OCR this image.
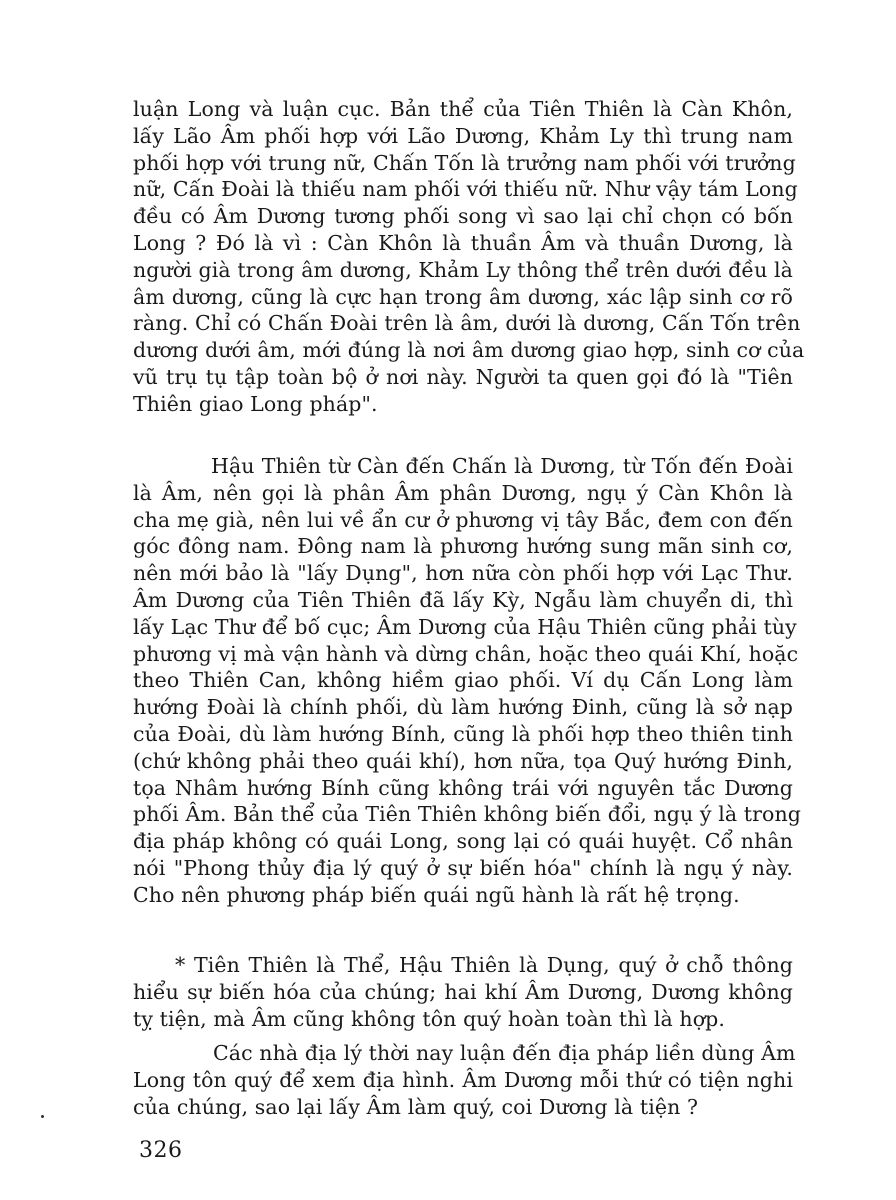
luận Long và luận cục. Bản thể của Tiên Thiên là Càn Khôn,
lấy Lão Âm phối hợp với Lão Dương, Khảm Ly thì trung nam
phối hợp với trung nữ, Chấn Tốn là trưởng nam phối với trưởng
nữ, Cấn Đoài là thiếu nam phối với thiếu nữ. Như vậy tám Long
đều có Âm Dương tương phối song vì sao lại chỉ chọn có bốn
Long ? Đó là vì : Càn Khôn là thuần Âm và thuần Dương, là
người già trong âm dương, Khảm Ly thông thể trên dưới đều là
âm dương, cũng là cực hạn trong âm dương, xác lập sinh cơ rõ
ràng. Chỉ có Chấn Đoài trên là âm, dưới là dương, Cấn Tốn trên
dương dưới âm, mới đúng là nơi âm dương giao hợp, sinh cơ của
vũ trụ tụ tập toàn bộ ở nơi này. Người ta quen gọi đó là "Tiên
Thiên giao Long pháp".
Hậu Thiên từ Càn đến Chấn là Dương, từ Tốn đến Đoài
là Âm, nên gọi là phân Âm phân Dương, ngụ ý Càn Khôn là
cha mẹ già, nên lui về ẩn cư ở phương vị tây Bắc, đem con đến
góc đông nam. Đông nam là phương hướng sung mãn sinh cơ,
nên mới bảo là "lấy Dụng", hơn nữa còn phối hợp với Lạc Thư.
Âm Dương của Tiên Thiên đã lấy Kỳ, Ngẫu làm chuyển di, thì
lấy Lạc Thư để bố cục; Âm Dương của Hậu Thiên cũng phải tùy
phương vị mà vận hành và dừng chân, hoặc theo quái Khí, hoặc
theo Thiên Can, không hiềm giao phối. Ví dụ Cấn Long làm
hướng Đoài là chính phối, dù làm hướng Đinh, cũng là sở nạp
của Đoài, dù làm hướng Bính, cũng là phối hợp theo thiên tinh
(chứ không phải theo quái khí), hơn nữa, tọa Quý hướng Đinh,
tọa Nhâm hướng Bính cũng không trái với nguyên tắc Dương
phối Âm. Bản thể của Tiên Thiên không biến đổi, ngụ ý là trong
địa pháp không có quái Long, song lại có quái huyệt. Cổ nhân
nói "Phong thủy địa lý quý ở sự biến hóa" chính là ngụ ý này.
Cho nên phương pháp biến quái ngũ hành là rất hệ trọng.
* Tiên Thiên là Thể, Hậu Thiên là Dụng, quý ở chỗ thông
hiểu sự biến hóa của chúng; hai khí Âm Dương, Dương không
tỵ tiện, mà Âm cũng không tôn quý hoàn toàn thì là hợp.
Các nhà địa lý thời nay luận đến địa pháp liền dùng Âm
Long tôn quý để xem địa hình. Âm Dương mỗi thứ có tiện nghi
của chúng, sao lại lấy Âm làm quý, coi Dương là tiện ?
326
